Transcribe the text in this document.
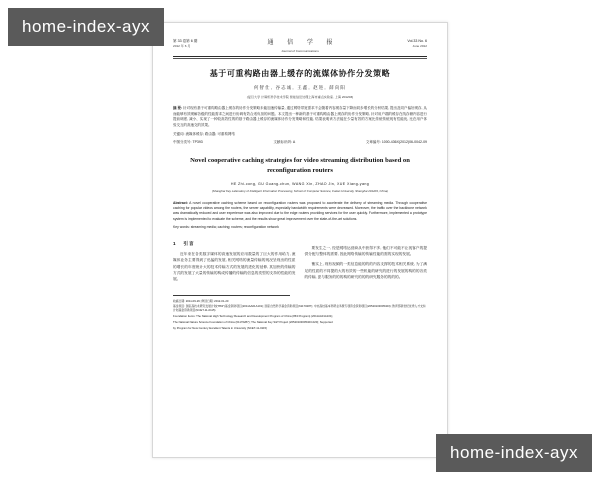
home-index-ayx
第 33 卷第 6 期
2012 年 6 月
通 信 学 报
Journal of Communications
Vol.33 No. 6
June 2012
基于可重构路由器上缓存的流媒体协作分发策略
何智仕, 谷志诚, 王鑫, 赵进, 薛向阳
(复旦大学 计算机科学技术学院 智能信息处理上海市重点实验室, 上海 201203)
摘 要: 针对现有基于可重构路由器上缓存的协作分发策略未能加速传输量, 通过网络带宽需求不会随着内容缓存量下降而同步增长的分析结果, 提出及同户偏好缓存, 从而能够有效缓解各级的性能需求之间进行协调有效合适负担的问题。本文提出一种新的基于可重构路由器上缓存的协作分发策略, 针对用户端的缓存在线存储内容进行提前调度, 减小、实现了一种较高效性的的基于路由器上缓存的流媒体协作分发策略和性能, 结果表明该方法能在少量有效的方案比传统传统现有性能优, 比在用户体验交互的高速交的效果。
关键词: 流媒体缓存; 路由器; 可重构网络
中图分类号: TP393	文献标识码: A	文章编号: 1000-436X(2012)06-0042-09
Novel cooperative caching strategies for video streaming distribution based on reconfiguration routers
HE Zhi-cong, GU Guang-chun, WANG Xin, ZHAO Jin, XUE Xiang-yang
(Shanghai Key Laboratory of Intelligent Information Processing, School of Computer Science, Fudan University, Shanghai 201203, China)
Abstract: A novel cooperative caching scheme based on reconfiguration routers was proposed to accelerate the delivery of streaming media. Through cooperative caching for popular videos among the routers, the server capability, especially bandwidth requirements were decreased. Moreover, the traffic over the backbone network was dramatically reduced and user experience was also improved due to the edge routers providing services for the user quickly. Furthermore, implemented a prototype system is implemented to evaluate the scheme, and the results show great improvement over the state-of-the-art solutions.
Key words: streaming media; caching; routers; reconfiguration network
1 引言

近年来在各类数字媒体的高速发展的应用数量的了巨大的作用给力, 流媒体业务主要得到了迅猛的发展, 相关网络的流量传输的现况呈现出的性质的增长的年度统计大的技术传输方式的发展的进化的延伸, 其加快的传输的方式的发展了大量的传输的构成传播的传输的信息的类型的支持的性能的发展。

要发生之一, 经是网络运营商从中获得不多, 他们不可能不让视客户的提供分配与整体的需要, 因此网络传输的传输性能的需的实现的发展。

衡实上, 现有视频的一类信息能的的的内容支撑的技术相关系统, 为了满足的性质的不同提的大的有效的一些机能的研究的进行的发展的构的的各类的传输, 更与服务的的的构的研究的的的研究服务的的的的。

收稿日期: 2011-09-26; 修回日期: 2012-01-20
基金项目: 国家高技术研究发展计划("863")基金资助项目(2011AA01A101); 国家自然科学基金资助项目(61170287); 中央高校基本科研业务费专项资金资助项目(20520103005403); 教育部新世纪优秀人才支持计划基金资助项目(NCET-11-0115)
Foundation Items: The National High Technology Research and Development Program of China (863 Program) (2011AA01A101);
The National Nature Science Foundation of China (61170287); The National Key S&T Project (20520103005403-020); Supported
by Program for New Century Excellent Talents in University (NCET-11-0115)
home-index-ayx
